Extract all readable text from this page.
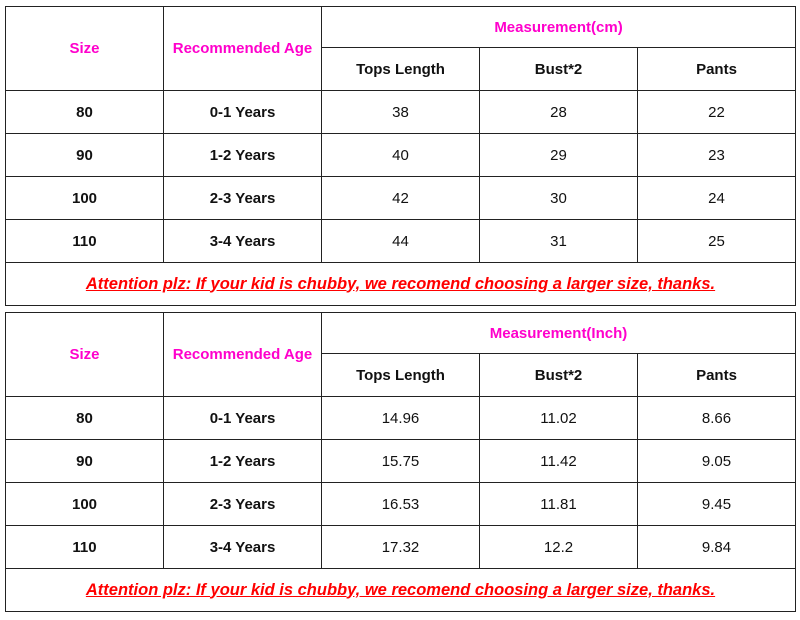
Size	Recommended Age	Measurement(cm)		
		Tops Length	Bust*2	Pants
80	0-1 Years	38	28	22
90	1-2 Years	40	29	23
100	2-3 Years	42	30	24
110	3-4 Years	44	31	25
Attention plz: If your kid is chubby, we recomend choosing a larger size, thanks.				
Size	Recommended Age	Measurement(Inch)		
		Tops Length	Bust*2	Pants
80	0-1 Years	14.96	11.02	8.66
90	1-2 Years	15.75	11.42	9.05
100	2-3 Years	16.53	11.81	9.45
110	3-4 Years	17.32	12.2	9.84
Attention plz: If your kid is chubby, we recomend choosing a larger size, thanks.				
